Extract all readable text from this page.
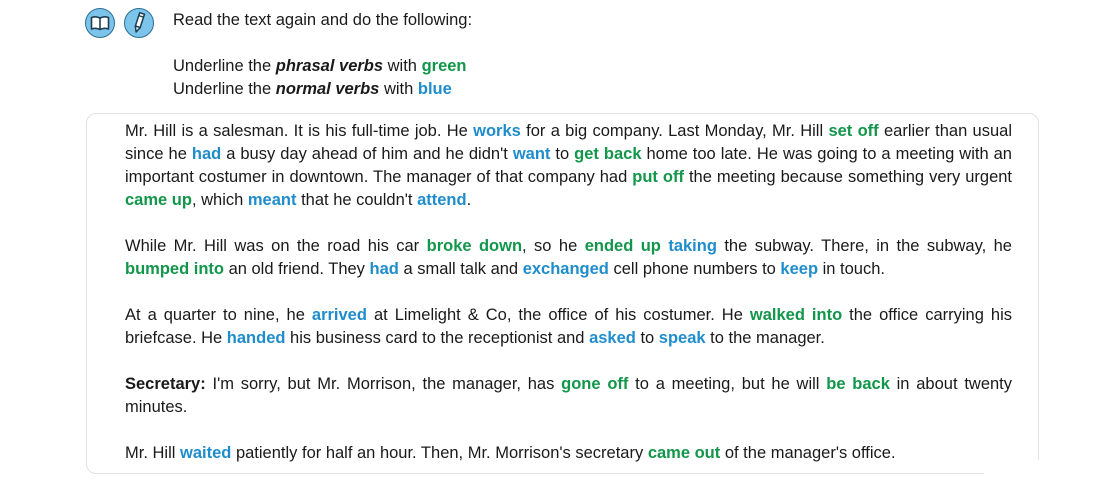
Read the text again and do the following:
Underline the phrasal verbs with green
Underline the normal verbs with blue

Mr. Hill is a salesman. It is his full-time job. He works for a big company. Last Monday, Mr. Hill set off earlier than usual since he had a busy day ahead of him and he didn't want to get back home too late. He was going to a meeting with an important costumer in downtown. The manager of that company had put off the meeting because something very urgent came up, which meant that he couldn't attend.

While Mr. Hill was on the road his car broke down, so he ended up taking the subway. There, in the subway, he bumped into an old friend. They had a small talk and exchanged cell phone numbers to keep in touch.

At a quarter to nine, he arrived at Limelight & Co, the office of his costumer. He walked into the office carrying his briefcase. He handed his business card to the receptionist and asked to speak to the manager.

Secretary: I'm sorry, but Mr. Morrison, the manager, has gone off to a meeting, but he will be back in about twenty minutes.

Mr. Hill waited patiently for half an hour. Then, Mr. Morrison's secretary came out of the manager's office.
